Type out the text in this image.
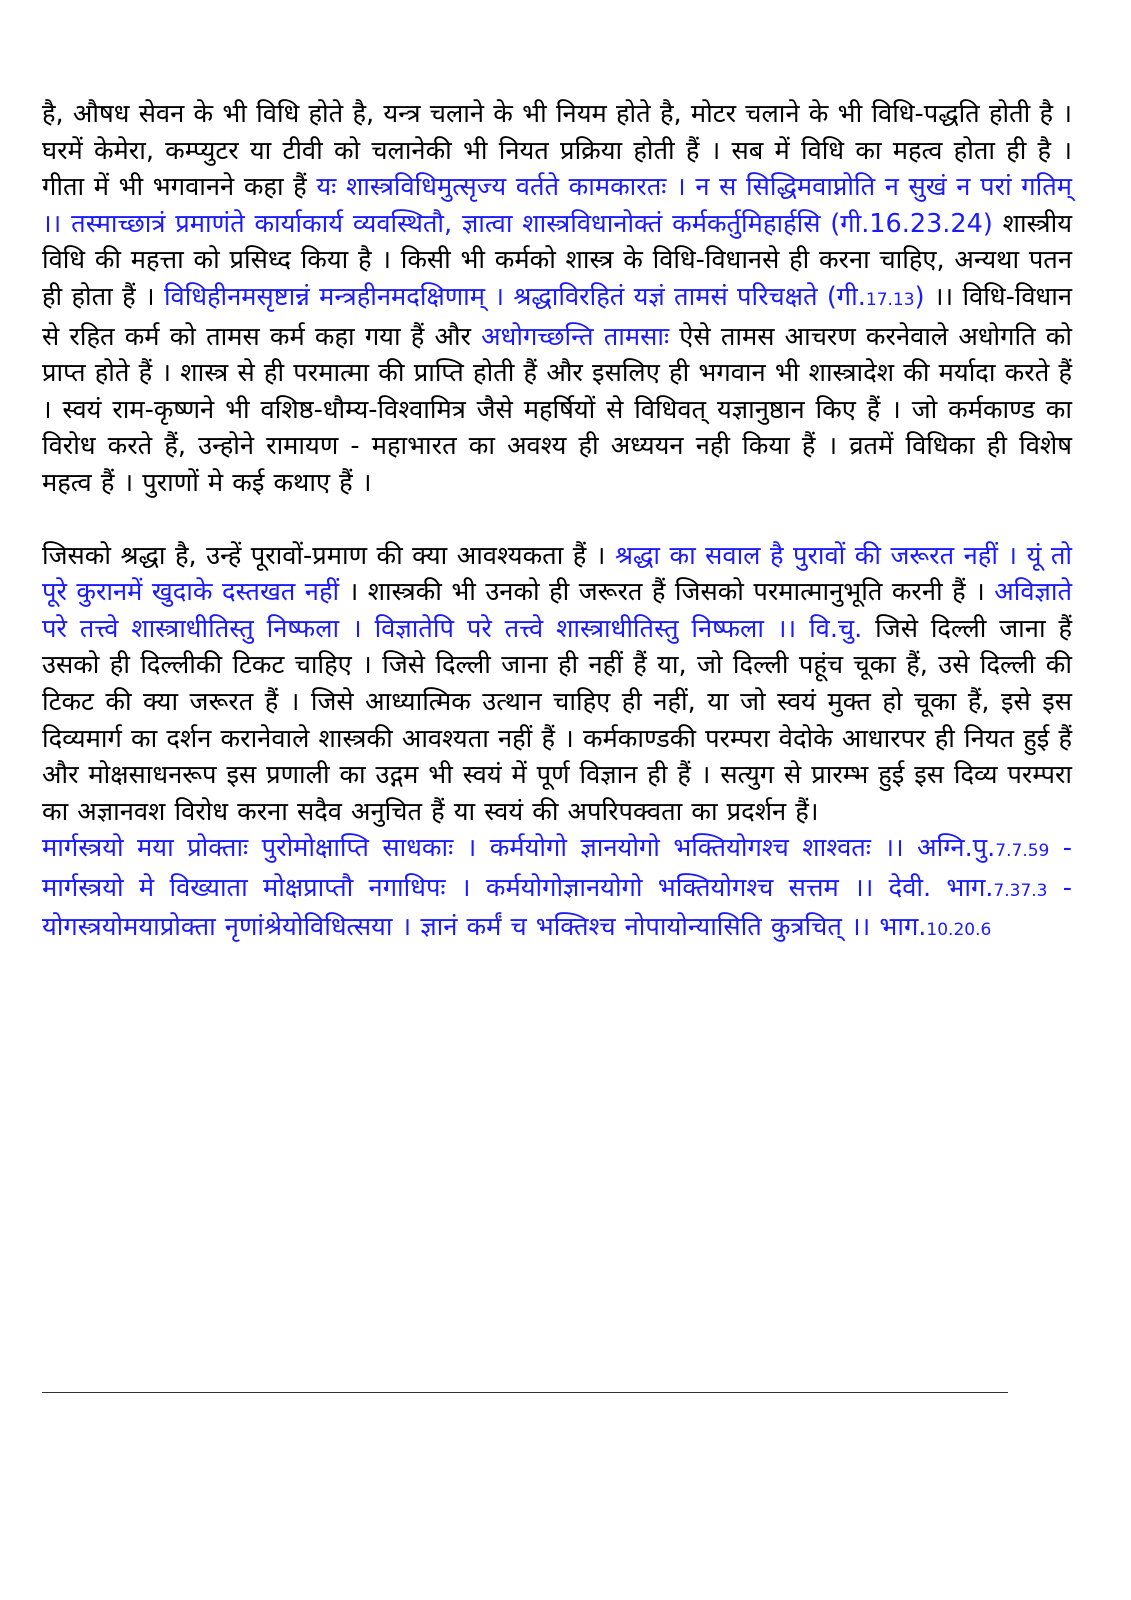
है, औषध सेवन के भी विधि होते है, यन्त्र चलाने के भी नियम होते है, मोटर चलाने के भी विधि-पद्धति होती है । घरमें केमेरा, कम्प्युटर या टीवी को चलानेकी भी नियत प्रक्रिया होती हैं । सब में विधि का महत्व होता ही है । गीता में भी भगवानने कहा हैं यः शास्त्रविधिमुत्सृज्य वर्तते कामकारतः । न स सिद्धिमवाप्नोति न सुखं न परां गतिम् ।। तस्माच्छात्रं प्रमाणंते कार्याकार्य व्यवस्थितौ, ज्ञात्वा शास्त्रविधानोक्तं कर्मकर्तुमिहार्हसि (गी.16.23.24) शास्त्रीय विधि की महत्ता को प्रसिध्द किया है । किसी भी कर्मको शास्त्र के विधि-विधानसे ही करना चाहिए, अन्यथा पतन ही होता हैं । विधिहीनमसृष्टान्नं मन्त्रहीनमदक्षिणाम् । श्रद्धाविरहितं यज्ञं तामसं परिचक्षते (गी.17.13) ।। विधि-विधान से रहित कर्म को तामस कर्म कहा गया हैं और अधोगच्छन्ति तामसाः ऐसे तामस आचरण करनेवाले अधोगति को प्राप्त होते हैं । शास्त्र से ही परमात्मा की प्राप्ति होती हैं और इसलिए ही भगवान भी शास्त्रादेश की मर्यादा करते हैं । स्वयं राम-कृष्णने भी वशिष्ठ-धौम्य-विश्वामित्र जैसे महर्षियों से विधिवत् यज्ञानुष्ठान किए हैं । जो कर्मकाण्ड का विरोध करते हैं, उन्होने रामायण - महाभारत का अवश्य ही अध्ययन नही किया हैं । व्रतमें विधिका ही विशेष महत्व हैं । पुराणों मे कई कथाए हैं ।

जिसको श्रद्धा है, उन्हें पूरावों-प्रमाण की क्या आवश्यकता हैं । श्रद्धा का सवाल है पुरावों की जरूरत नहीं । यूं तो पूरे कुरानमें खुदाके दस्तखत नहीं । शास्त्रकी भी उनको ही जरूरत हैं जिसको परमात्मानुभूति करनी हैं । अविज्ञाते परे तत्त्वे शास्त्राधीतिस्तु निष्फला । विज्ञातेपि परे तत्त्वे शास्त्राधीतिस्तु निष्फला ।। वि.चु. जिसे दिल्ली जाना हैं उसको ही दिल्लीकी टिकट चाहिए । जिसे दिल्ली जाना ही नहीं हैं या, जो दिल्ली पहूंच चूका हैं, उसे दिल्ली की टिकट की क्या जरूरत हैं । जिसे आध्यात्मिक उत्थान चाहिए ही नहीं, या जो स्वयं मुक्त हो चूका हैं, इसे इस दिव्यमार्ग का दर्शन करानेवाले शास्त्रकी आवश्यता नहीं हैं । कर्मकाण्डकी परम्परा वेदोके आधारपर ही नियत हुई हैं और मोक्षसाधनरूप इस प्रणाली का उद्गम भी स्वयं में पूर्ण विज्ञान ही हैं । सत्युग से प्रारम्भ हुई इस दिव्य परम्परा का अज्ञानवश विरोध करना सदैव अनुचित हैं या स्वयं की अपरिपक्वता का प्रदर्शन हैं।

मार्गस्त्रयो मया प्रोक्ताः पुरोमोक्षाप्ति साधकाः । कर्मयोगो ज्ञानयोगो भक्तियोगश्च शाश्वतः ।। अग्नि.पु.7.7.59 - मार्गस्त्रयो मे विख्याता मोक्षप्राप्तौ नगाधिपः । कर्मयोगोज्ञानयोगो भक्तियोगश्च सत्तम ।। देवी. भाग.7.37.3 - योगस्त्रयोमयाप्रोक्ता नृणांश्रेयोविधित्सया । ज्ञानं कर्मं च भक्तिश्च नोपायोन्यासिति कुत्रचित् ।। भाग.10.20.6
